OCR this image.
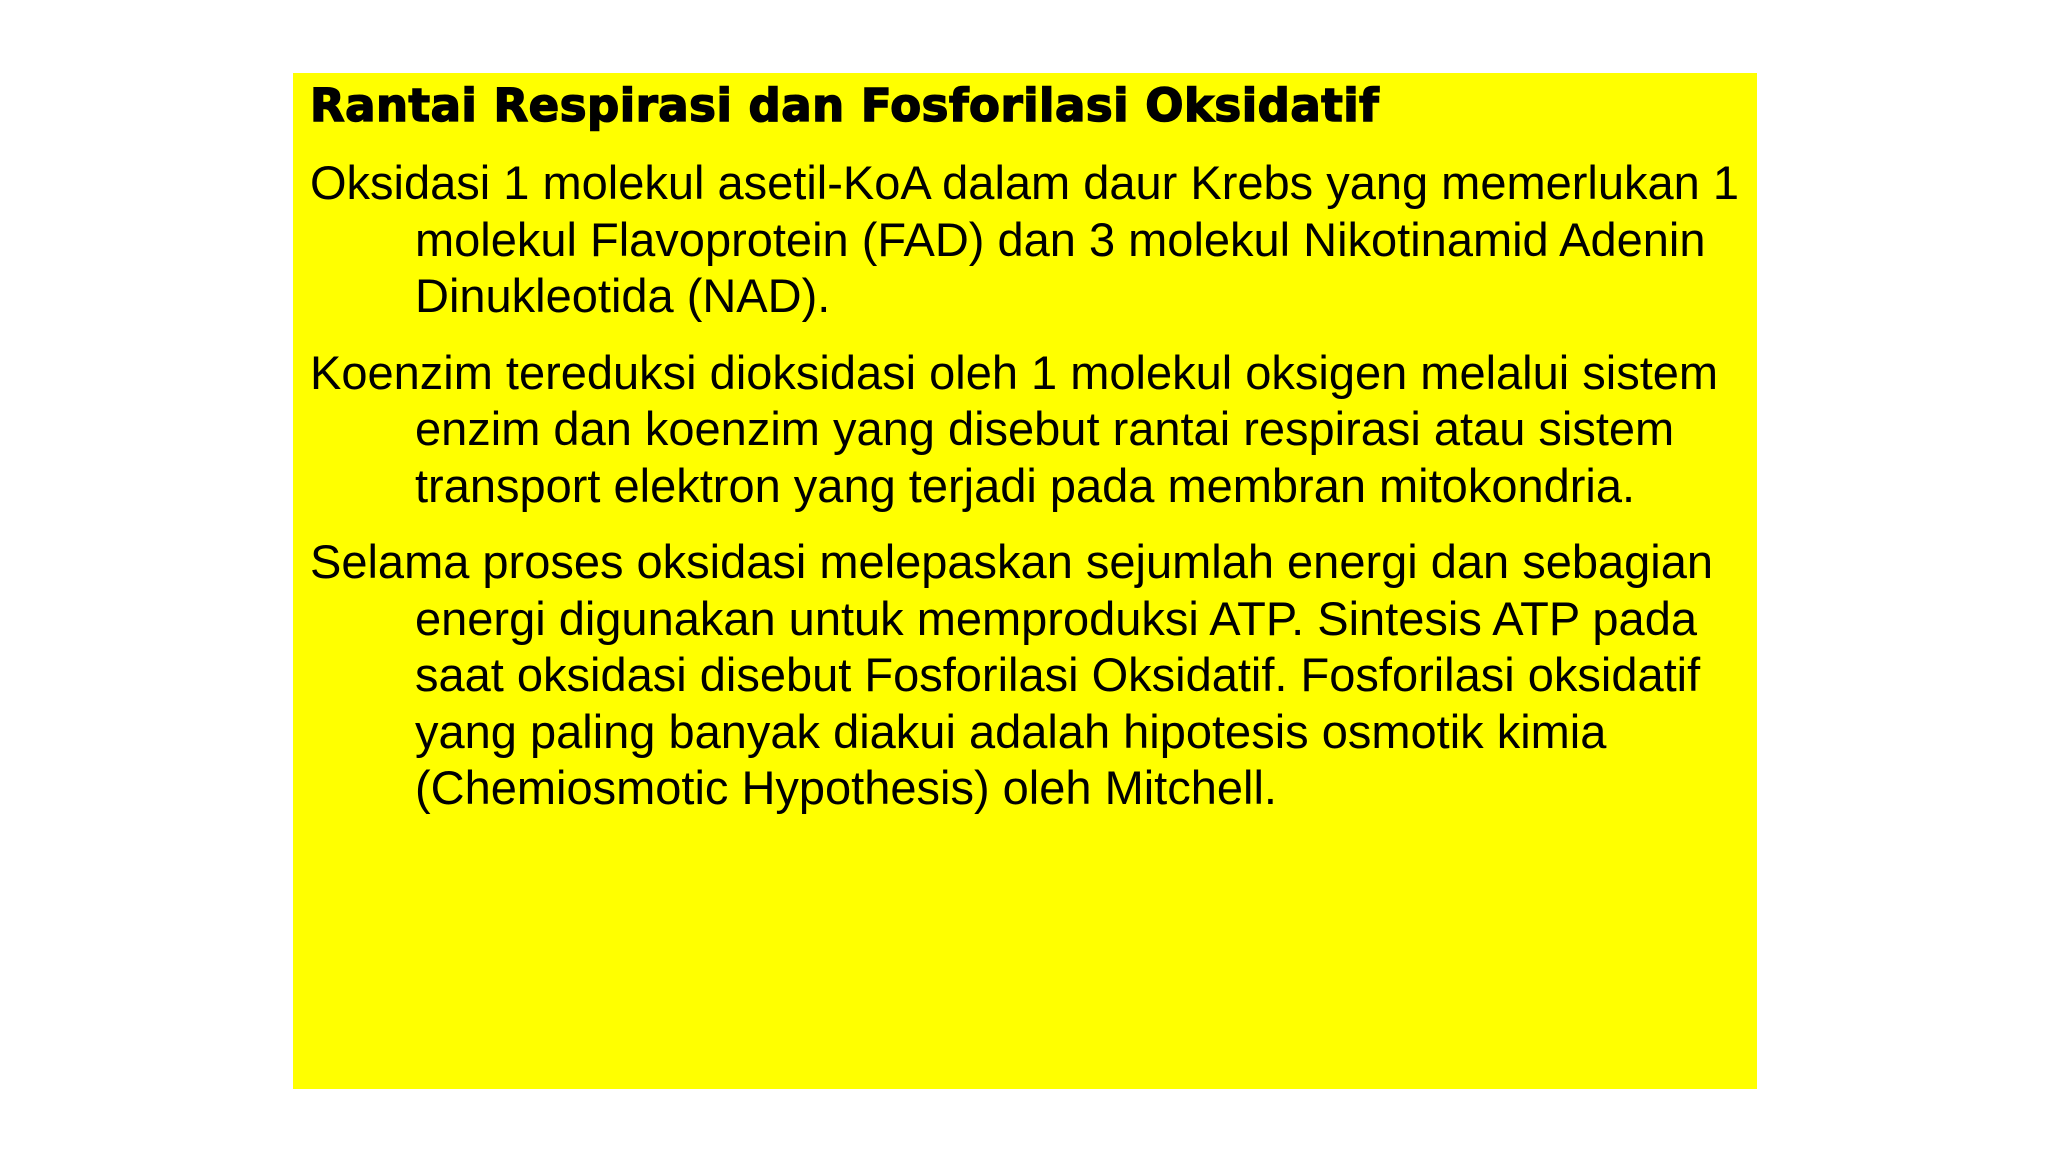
Rantai Respirasi dan Fosforilasi Oksidatif

Oksidasi 1 molekul asetil-KoA dalam daur Krebs yang memerlukan 1 molekul Flavoprotein (FAD) dan 3 molekul Nikotinamid Adenin Dinukleotida (NAD).

Koenzim tereduksi dioksidasi oleh 1 molekul oksigen melalui sistem enzim dan koenzim yang disebut rantai respirasi atau sistem transport elektron yang terjadi pada membran mitokondria.

Selama proses oksidasi melepaskan sejumlah energi dan sebagian energi digunakan untuk memproduksi ATP. Sintesis ATP pada saat oksidasi disebut Fosforilasi Oksidatif. Fosforilasi oksidatif yang paling banyak diakui adalah hipotesis osmotik kimia (Chemiosmotic Hypothesis) oleh Mitchell.
